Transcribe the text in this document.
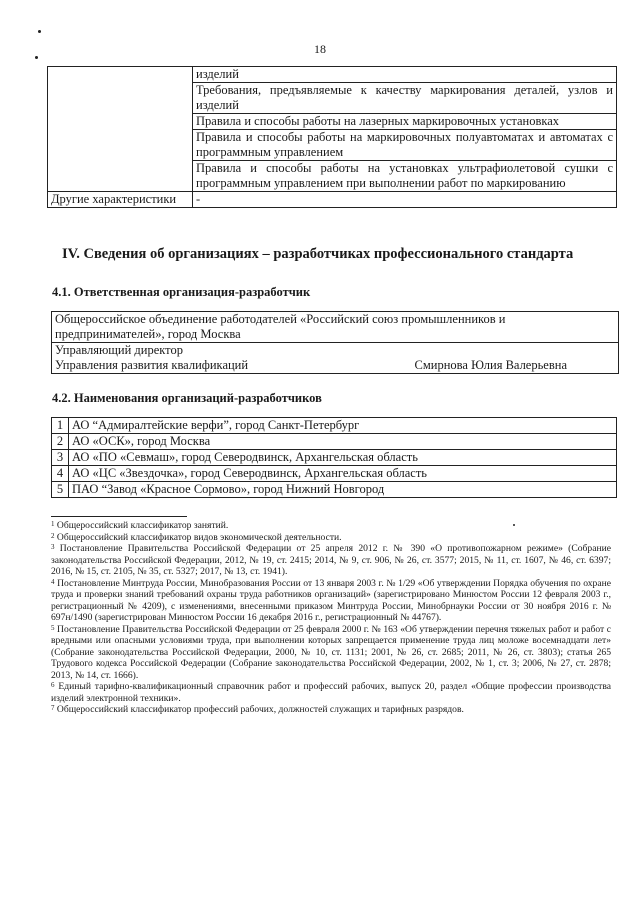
18
	изделий
	Требования, предъявляемые к качеству маркирования деталей, узлов и изделий
	Правила и способы работы на лазерных маркировочных установках
	Правила и способы работы на маркировочных полуавтоматах и автоматах с программным управлением
	Правила и способы работы на установках ультрафиолетовой сушки с программным управлением при выполнении работ по маркированию
Другие характеристики	-
IV. Сведения об организациях – разработчиках профессионального стандарта
4.1. Ответственная организация-разработчик
Общероссийское объединение работодателей «Российский союз промышленников и предпринимателей», город Москва
Управляющий директор
Управления развития квалификаций	Смирнова Юлия Валерьевна
4.2. Наименования организаций-разработчиков
1	АО “Адмиралтейские верфи”, город Санкт-Петербург
2	АО «ОСК», город Москва
3	АО «ПО «Севмаш», город Северодвинск, Архангельская область
4	АО «ЦС «Звездочка», город Северодвинск, Архангельская область
5	ПАО “Завод «Красное Сормово», город Нижний Новгород
$^1$ Общероссийский классификатор занятий.
$^2$ Общероссийский классификатор видов экономической деятельности.
$^3$ Постановление Правительства Российской Федерации от 25 апреля 2012 г. № 390 «О противопожарном режиме» (Собрание законодательства Российской Федерации, 2012, № 19, ст. 2415; 2014, № 9, ст. 906, № 26, ст. 3577; 2015, № 11, ст. 1607, № 46, ст. 6397; 2016, № 15, ст. 2105, № 35, ст. 5327; 2017, № 13, ст. 1941).
$^4$ Постановление Минтруда России, Минобразования России от 13 января 2003 г. № 1/29 «Об утверждении Порядка обучения по охране труда и проверки знаний требований охраны труда работников организаций» (зарегистрировано Минюстом России 12 февраля 2003 г., регистрационный № 4209), с изменениями, внесенными приказом Минтруда России, Минобрнауки России от 30 ноября 2016 г. № 697н/1490 (зарегистрирован Минюстом России 16 декабря 2016 г., регистрационный № 44767).
$^5$ Постановление Правительства Российской Федерации от 25 февраля 2000 г. № 163 «Об утверждении перечня тяжелых работ и работ с вредными или опасными условиями труда, при выполнении которых запрещается применение труда лиц моложе восемнадцати лет» (Собрание законодательства Российской Федерации, 2000, № 10, ст. 1131; 2001, № 26, ст. 2685; 2011, № 26, ст. 3803); статья 265 Трудового кодекса Российской Федерации (Собрание законодательства Российской Федерации, 2002, № 1, ст. 3; 2006, № 27, ст. 2878; 2013, № 14, ст. 1666).
$^6$ Единый тарифно-квалификационный справочник работ и профессий рабочих, выпуск 20, раздел «Общие профессии производства изделий электронной техники».
$^7$ Общероссийский классификатор профессий рабочих, должностей служащих и тарифных разрядов.
